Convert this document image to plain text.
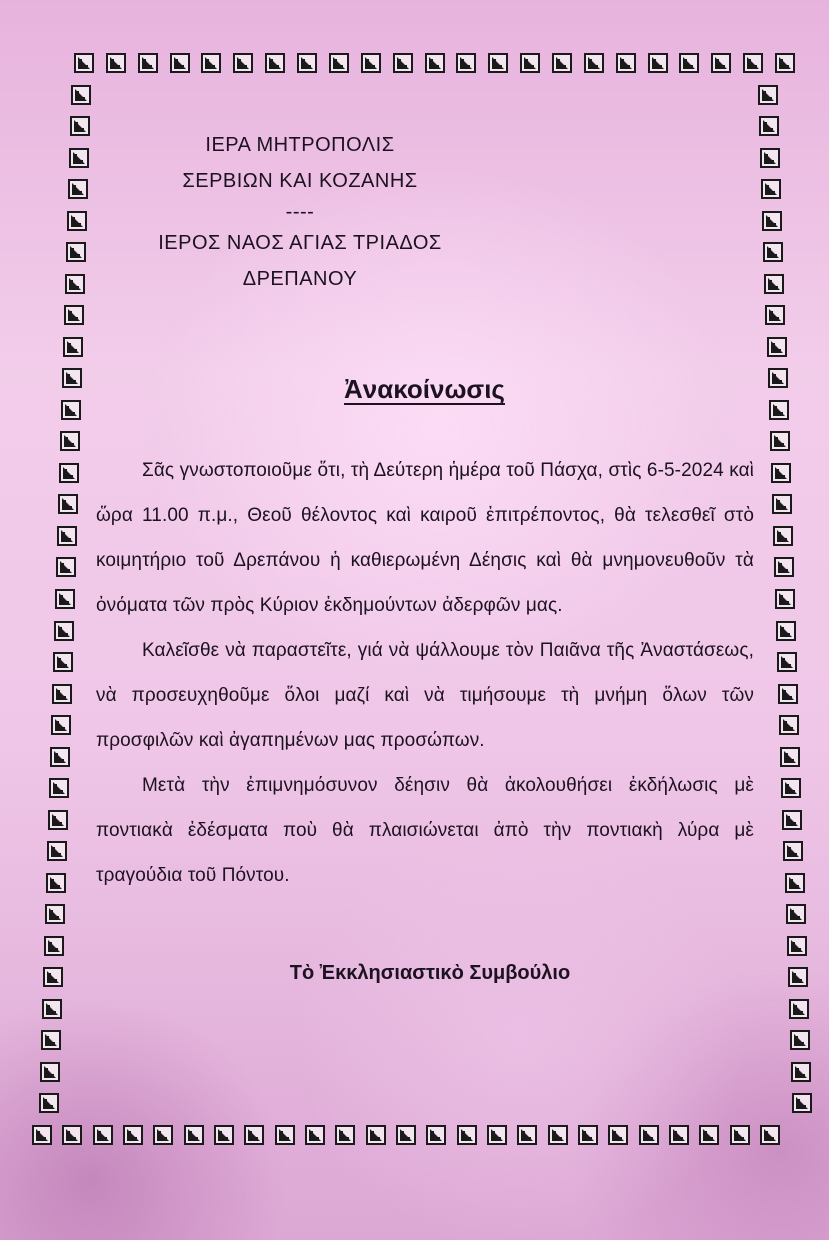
ΙΕΡΑ ΜΗΤΡΟΠΟΛΙΣ
ΣΕΡΒΙΩΝ ΚΑΙ ΚΟΖΑΝΗΣ
----
ΙΕΡΟΣ ΝΑΟΣ ΑΓΙΑΣ ΤΡΙΑΔΟΣ
ΔΡΕΠΑΝΟΥ
Ἀνακοίνωσις

Σᾶς γνωστοποιοῦμε ὅτι, τὴ Δεύτερη ἡμέρα τοῦ Πάσχα, στὶς 6-5-2024 καὶ ὥρα 11.00 π.μ., Θεοῦ θέλοντος καὶ καιροῦ ἐπιτρέποντος, θὰ τελεσθεῖ στὸ κοιμητήριο τοῦ Δρεπάνου ἡ καθιερωμένη Δέησις καὶ θὰ μνημονευθοῦν τὰ ὀνόματα τῶν πρὸς Κύριον ἐκδημούντων ἀδερφῶν μας.

Καλεῖσθε νὰ παραστεῖτε, γιά νὰ ψάλλουμε τὸν Παιᾶνα τῆς Ἀναστάσεως, νὰ προσευχηθοῦμε ὅλοι μαζί καὶ νὰ τιμήσουμε τὴ μνήμη ὅλων τῶν προσφιλῶν καὶ ἀγαπημένων μας προσώπων.

Μετὰ τὴν ἐπιμνημόσυνον δέησιν θὰ ἀκολουθήσει ἐκδήλωσις μὲ ποντιακὰ ἐδέσματα ποὺ θὰ πλαισιώνεται ἀπὸ τὴν ποντιακὴ λύρα μὲ τραγούδια τοῦ Πόντου.

Τὸ Ἐκκλησιαστικὸ Συμβούλιο
